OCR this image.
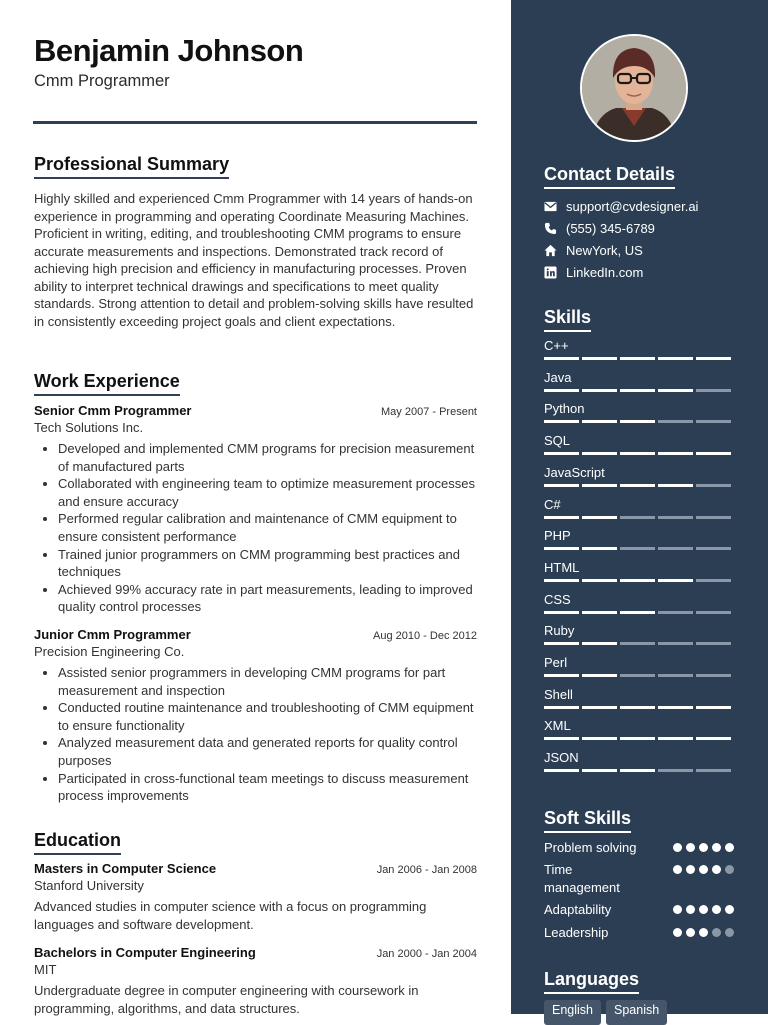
Benjamin Johnson
Cmm Programmer
Professional Summary

Highly skilled and experienced Cmm Programmer with 14 years of hands-on experience in programming and operating Coordinate Measuring Machines. Proficient in writing, editing, and troubleshooting CMM programs to ensure accurate measurements and inspections. Demonstrated track record of achieving high precision and efficiency in manufacturing processes. Proven ability to interpret technical drawings and specifications to meet quality standards. Strong attention to detail and problem-solving skills have resulted in consistently exceeding project goals and client expectations.

Work Experience
Senior Cmm Programmer	May 2007 - Present
Tech Solutions Inc.
• Developed and implemented CMM programs for precision measurement of manufactured parts
• Collaborated with engineering team to optimize measurement processes and ensure accuracy
• Performed regular calibration and maintenance of CMM equipment to ensure consistent performance
• Trained junior programmers on CMM programming best practices and techniques
• Achieved 99% accuracy rate in part measurements, leading to improved quality control processes
Junior Cmm Programmer	Aug 2010 - Dec 2012
Precision Engineering Co.
• Assisted senior programmers in developing CMM programs for part measurement and inspection
• Conducted routine maintenance and troubleshooting of CMM equipment to ensure functionality
• Analyzed measurement data and generated reports for quality control purposes
• Participated in cross-functional team meetings to discuss measurement process improvements
Education
Masters in Computer Science	Jan 2006 - Jan 2008
Stanford University
Advanced studies in computer science with a focus on programming languages and software development.
Bachelors in Computer Engineering	Jan 2000 - Jan 2004
MIT
Undergraduate degree in computer engineering with coursework in programming, algorithms, and data structures.
Contact Details
support@cvdesigner.ai
(555) 345-6789
NewYork, US
LinkedIn.com
Skills
C++
Java
Python
SQL
JavaScript
C#
PHP
HTML
CSS
Ruby
Perl
Shell
XML
JSON
Soft Skills
Problem solving
Time management
Adaptability
Leadership
Languages
English	Spanish
